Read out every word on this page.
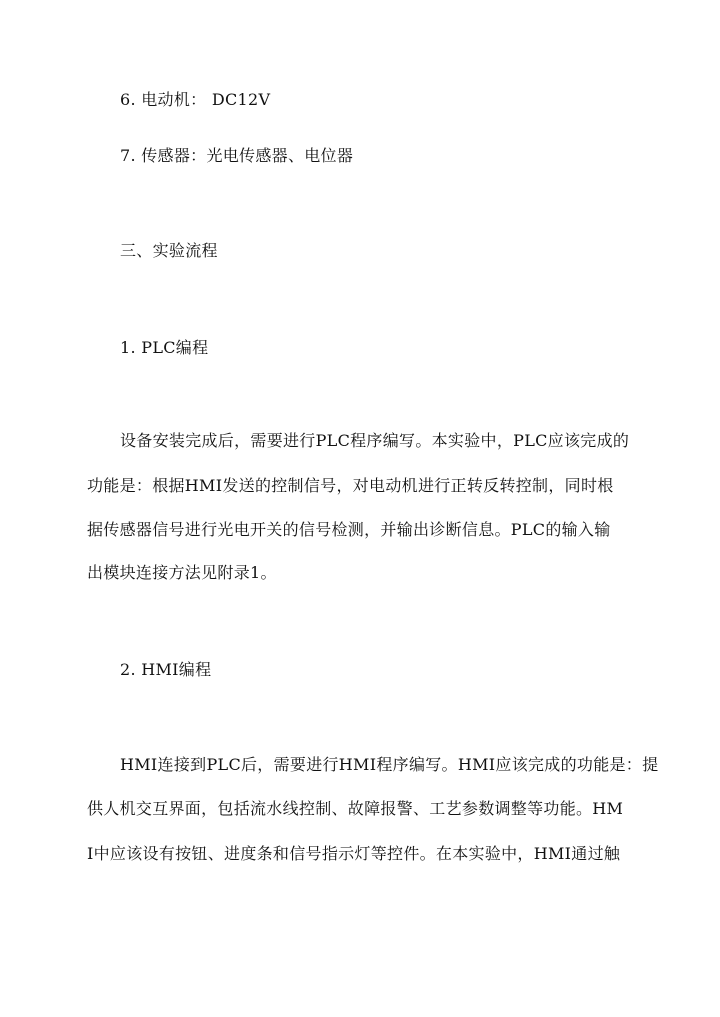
6. 电动机： DC12V

7. 传感器：光电传感器、电位器

三、实验流程

1. PLC编程

设备安装完成后，需要进行PLC程序编写。本实验中，PLC应该完成的

功能是：根据HMI发送的控制信号，对电动机进行正转反转控制，同时根

据传感器信号进行光电开关的信号检测，并输出诊断信息。PLC的输入输

出模块连接方法见附录1。

2. HMI编程

HMI连接到PLC后，需要进行HMI程序编写。HMI应该完成的功能是：提

供人机交互界面，包括流水线控制、故障报警、工艺参数调整等功能。HM

I中应该设有按钮、进度条和信号指示灯等控件。在本实验中，HMI通过触
